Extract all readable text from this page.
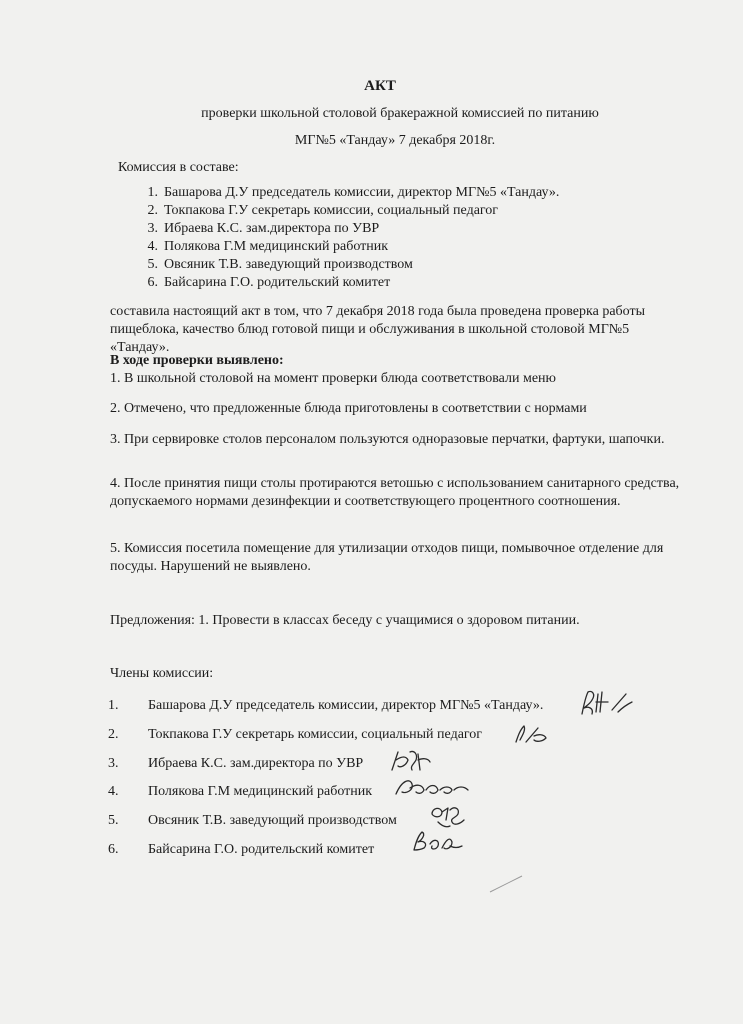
АКТ
проверки школьной столовой бракеражной комиссией по питанию
МГ№5 «Тандау» 7 декабря 2018г.
Комиссия в составе:
1. Башарова Д.У председатель комиссии, директор МГ№5 «Тандау».
2. Токпакова Г.У секретарь комиссии, социальный педагог
3. Ибраева К.С. зам.директора по УВР
4. Полякова Г.М медицинский работник
5. Овсяник Т.В. заведующий производством
6. Байсарина Г.О. родительский комитет
составила настоящий акт в том, что 7 декабря 2018 года была проведена проверка работы пищеблока, качество блюд готовой пищи и обслуживания в школьной столовой МГ№5 «Тандау».
В ходе проверки выявлено:
1. В школьной столовой на момент проверки блюда соответствовали меню
2. Отмечено, что предложенные блюда приготовлены в соответствии с нормами
3. При сервировке столов персоналом пользуются одноразовые перчатки, фартуки, шапочки.
4. После принятия пищи столы протираются ветошью с использованием санитарного средства, допускаемого нормами дезинфекции и соответствующего процентного соотношения.
5. Комиссия посетила помещение для утилизации отходов пищи, помывочное отделение для посуды. Нарушений не выявлено.
Предложения: 1. Провести в классах беседу с учащимися о здоровом питании.
Члены комиссии:
1. Башарова Д.У председатель комиссии, директор МГ№5 «Тандау».
2. Токпакова Г.У секретарь комиссии, социальный педагог
3. Ибраева К.С. зам.директора по УВР
4. Полякова Г.М медицинский работник
5. Овсяник Т.В. заведующий производством
6. Байсарина Г.О. родительский комитет
